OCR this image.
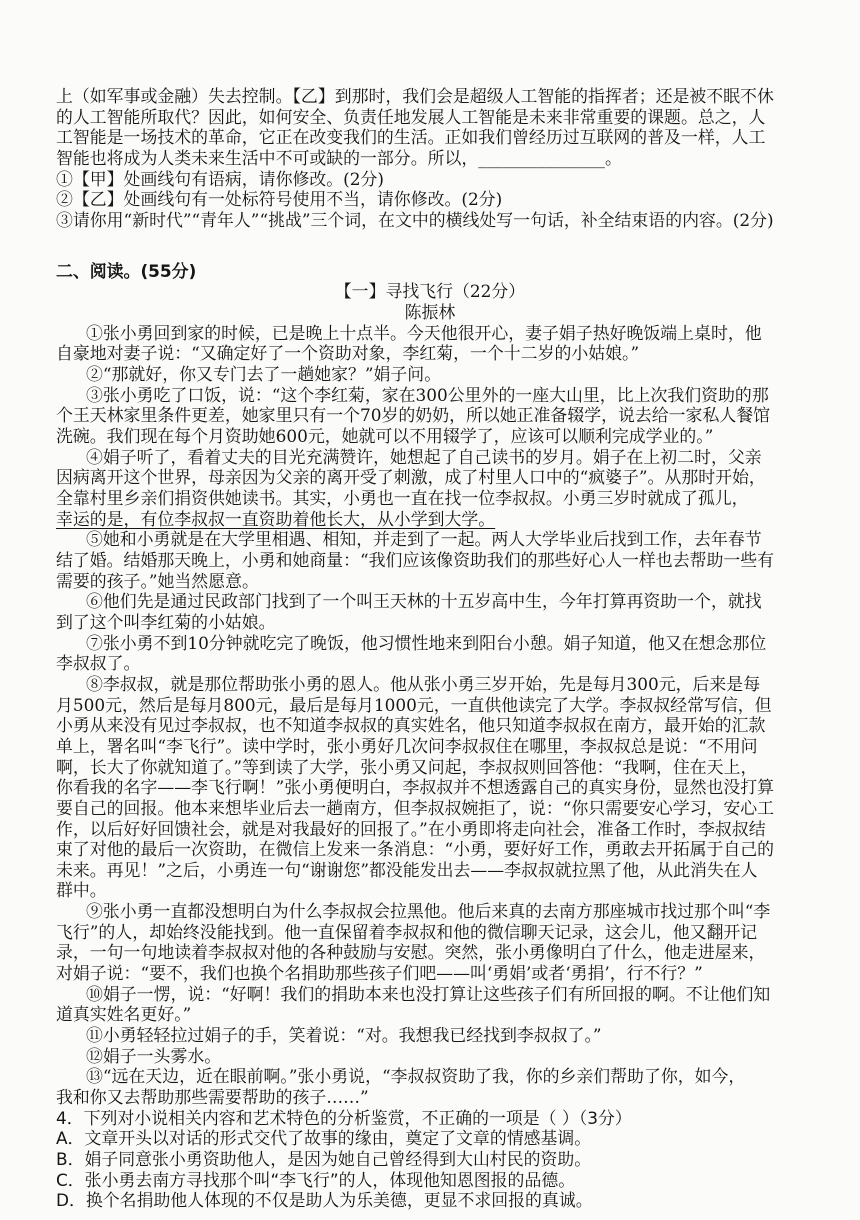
上（如军事或金融）失去控制。【乙】到那时，我们会是超级人工智能的指挥者；还是被不眠不休
的人工智能所取代？因此，如何安全、负责任地发展人工智能是未来非常重要的课题。总之，人
工智能是一场技术的革命，它正在改变我们的生活。正如我们曾经历过互联网的普及一样，人工
智能也将成为人类未来生活中不可或缺的一部分。所以，_______________。
①【甲】处画线句有语病，请你修改。(2分)
②【乙】处画线句有一处标符号使用不当，请你修改。(2分)
③请你用“新时代”“青年人”“挑战”三个词，在文中的横线处写一句话，补全结束语的内容。(2分)
二、阅读。(55分)
【一】寻找飞行（22分）
陈振林
①张小勇回到家的时候，已是晚上十点半。今天他很开心，妻子娟子热好晚饭端上桌时，他
自豪地对妻子说：“又确定好了一个资助对象，李红菊，一个十二岁的小姑娘。”
②“那就好，你又专门去了一趟她家？”娟子问。
③张小勇吃了口饭，说：“这个李红菊，家在300公里外的一座大山里，比上次我们资助的那
个王天林家里条件更差，她家里只有一个70岁的奶奶，所以她正准备辍学，说去给一家私人餐馆
洗碗。我们现在每个月资助她600元，她就可以不用辍学了，应该可以顺利完成学业的。”
④娟子听了，看着丈夫的目光充满赞许，她想起了自己读书的岁月。娟子在上初二时，父亲
因病离开这个世界，母亲因为父亲的离开受了刺激，成了村里人口中的“疯婆子”。从那时开始，
全靠村里乡亲们捐资供她读书。其实，小勇也一直在找一位李叔叔。小勇三岁时就成了孤儿，
幸运的是，有位李叔叔一直资助着他长大，从小学到大学。
⑤她和小勇就是在大学里相遇、相知，并走到了一起。两人大学毕业后找到工作，去年春节
结了婚。结婚那天晚上，小勇和她商量：“我们应该像资助我们的那些好心人一样也去帮助一些有
需要的孩子。”她当然愿意。
⑥他们先是通过民政部门找到了一个叫王天林的十五岁高中生，今年打算再资助一个，就找
到了这个叫李红菊的小姑娘。
⑦张小勇不到10分钟就吃完了晚饭，他习惯性地来到阳台小憩。娟子知道，他又在想念那位
李叔叔了。
⑧李叔叔，就是那位帮助张小勇的恩人。他从张小勇三岁开始，先是每月300元，后来是每
月500元，然后是每月800元，最后是每月1000元，一直供他读完了大学。李叔叔经常写信，但
小勇从来没有见过李叔叔，也不知道李叔叔的真实姓名，他只知道李叔叔在南方，最开始的汇款
单上，署名叫“李飞行”。读中学时，张小勇好几次问李叔叔住在哪里，李叔叔总是说：“不用问
啊，长大了你就知道了。”等到读了大学，张小勇又问起，李叔叔则回答他：“我啊，住在天上，
你看我的名字——李飞行啊！”张小勇便明白，李叔叔并不想透露自己的真实身份，显然也没打算
要自己的回报。他本来想毕业后去一趟南方，但李叔叔婉拒了，说：“你只需要安心学习，安心工
作，以后好好回馈社会，就是对我最好的回报了。”在小勇即将走向社会，准备工作时，李叔叔结
束了对他的最后一次资助，在微信上发来一条消息：“小勇，要好好工作，勇敢去开拓属于自己的
未来。再见！”之后，小勇连一句“谢谢您”都没能发出去——李叔叔就拉黑了他，从此消失在人
群中。
⑨张小勇一直都没想明白为什么李叔叔会拉黑他。他后来真的去南方那座城市找过那个叫“李
飞行”的人，却始终没能找到。他一直保留着李叔叔和他的微信聊天记录，这会儿，他又翻开记
录，一句一句地读着李叔叔对他的各种鼓励与安慰。突然，张小勇像明白了什么，他走进屋来，
对娟子说：“要不，我们也换个名捐助那些孩子们吧——叫‘勇娟’或者‘勇捐’，行不行？”
⑩娟子一愣，说：“好啊！我们的捐助本来也没打算让这些孩子们有所回报的啊。不让他们知
道真实姓名更好。”
⑪小勇轻轻拉过娟子的手，笑着说：“对。我想我已经找到李叔叔了。”
⑫娟子一头雾水。
⑬“远在天边，近在眼前啊。”张小勇说，“李叔叔资助了我，你的乡亲们帮助了你，如今，
我和你又去帮助那些需要帮助的孩子……”
4．下列对小说相关内容和艺术特色的分析鉴赏，不正确的一项是（ ）（3分）
A．文章开头以对话的形式交代了故事的缘由，奠定了文章的情感基调。
B．娟子同意张小勇资助他人，是因为她自己曾经得到大山村民的资助。
C．张小勇去南方寻找那个叫“李飞行”的人，体现他知恩图报的品德。
D．换个名捐助他人体现的不仅是助人为乐美德，更显不求回报的真诚。
